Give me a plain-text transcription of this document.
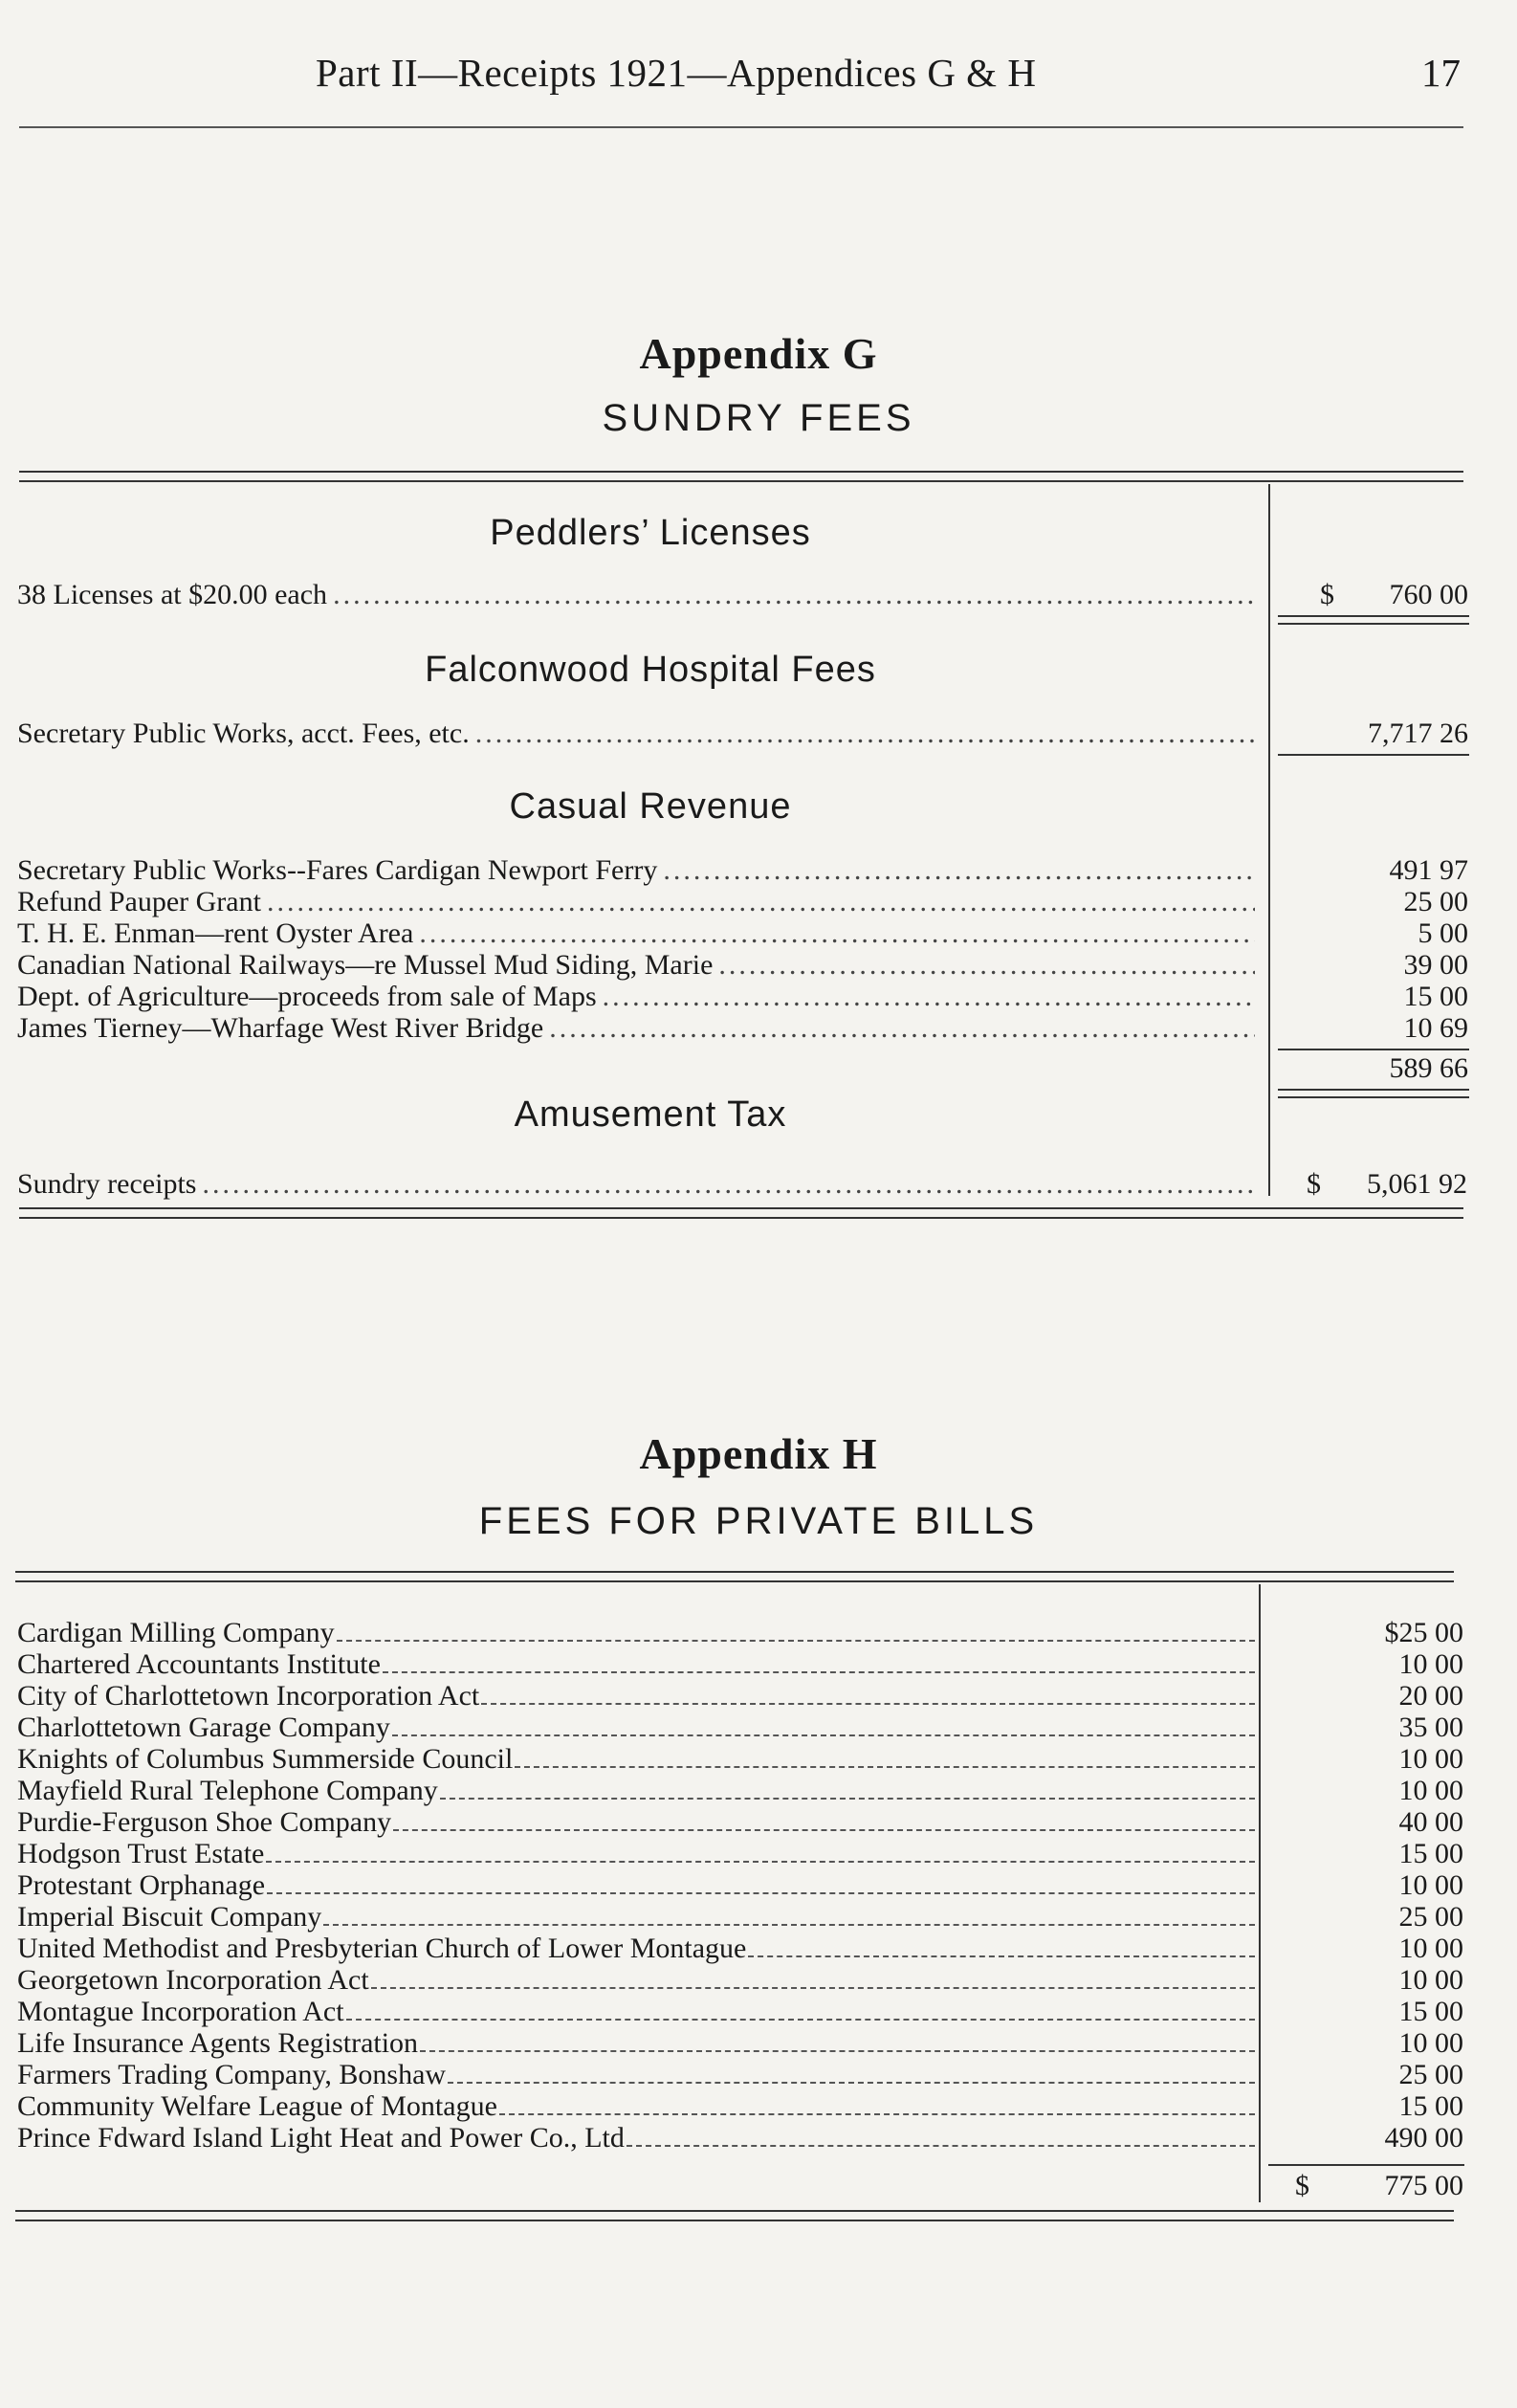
Part II—Receipts 1921—Appendices G & H	17
Appendix G
SUNDRY FEES
Peddlers’ Licenses
38 Licenses at $20.00 each .....	$ 760 00
Falconwood Hospital Fees
Secretary Public Works, acct. Fees, etc. .....	7,717 26
Casual Revenue
Secretary Public Works--Fares Cardigan Newport Ferry .....	491 97
Refund Pauper Grant .....	25 00
T. H. E. Enman—rent Oyster Area .....	5 00
Canadian National Railways—re Mussel Mud Siding, Marie .....	39 00
Dept. of Agriculture—proceeds from sale of Maps .....	15 00
James Tierney—Wharfage West River Bridge .....	10 69
589 66
Amusement Tax
Sundry receipts .....	$ 5,061 92
Appendix H
FEES FOR PRIVATE BILLS
Cardigan Milling Company	$25 00
Chartered Accountants Institute	10 00
City of Charlottetown Incorporation Act	20 00
Charlottetown Garage Company	35 00
Knights of Columbus Summerside Council	10 00
Mayfield Rural Telephone Company	10 00
Purdie-Ferguson Shoe Company	40 00
Hodgson Trust Estate	15 00
Protestant Orphanage	10 00
Imperial Biscuit Company	25 00
United Methodist and Presbyterian Church of Lower Montague	10 00
Georgetown Incorporation Act	10 00
Montague Incorporation Act	15 00
Life Insurance Agents Registration	10 00
Farmers Trading Company, Bonshaw	25 00
Community Welfare League of Montague	15 00
Prince Fdward Island Light Heat and Power Co., Ltd	490 00
$	775 00
